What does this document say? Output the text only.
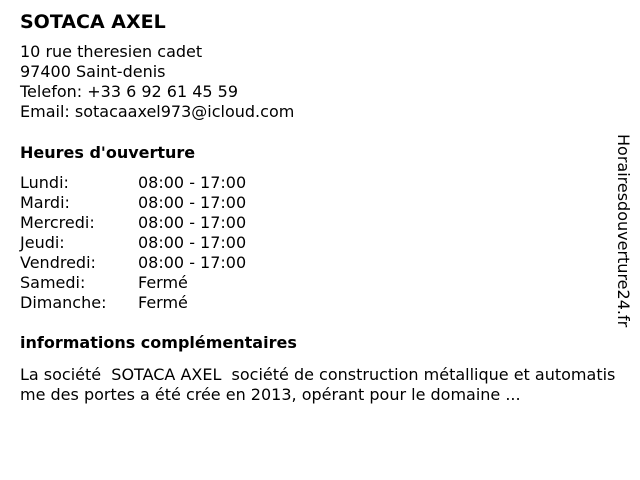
SOTACA AXEL
10 rue theresien cadet
97400 Saint-denis
Telefon: +33 6 92 61 45 59
Email: sotacaaxel973@icloud.com
Heures d'ouverture
Lundi:	08:00 - 17:00
Mardi:	08:00 - 17:00
Mercredi:	08:00 - 17:00
Jeudi:	08:00 - 17:00
Vendredi:	08:00 - 17:00
Samedi:	Fermé
Dimanche:	Fermé
informations complémentaires
La société  SOTACA AXEL  société de construction métallique et automatisme des portes a été crée en 2013, opérant pour le domaine ...
Horairesdouverture24.fr
